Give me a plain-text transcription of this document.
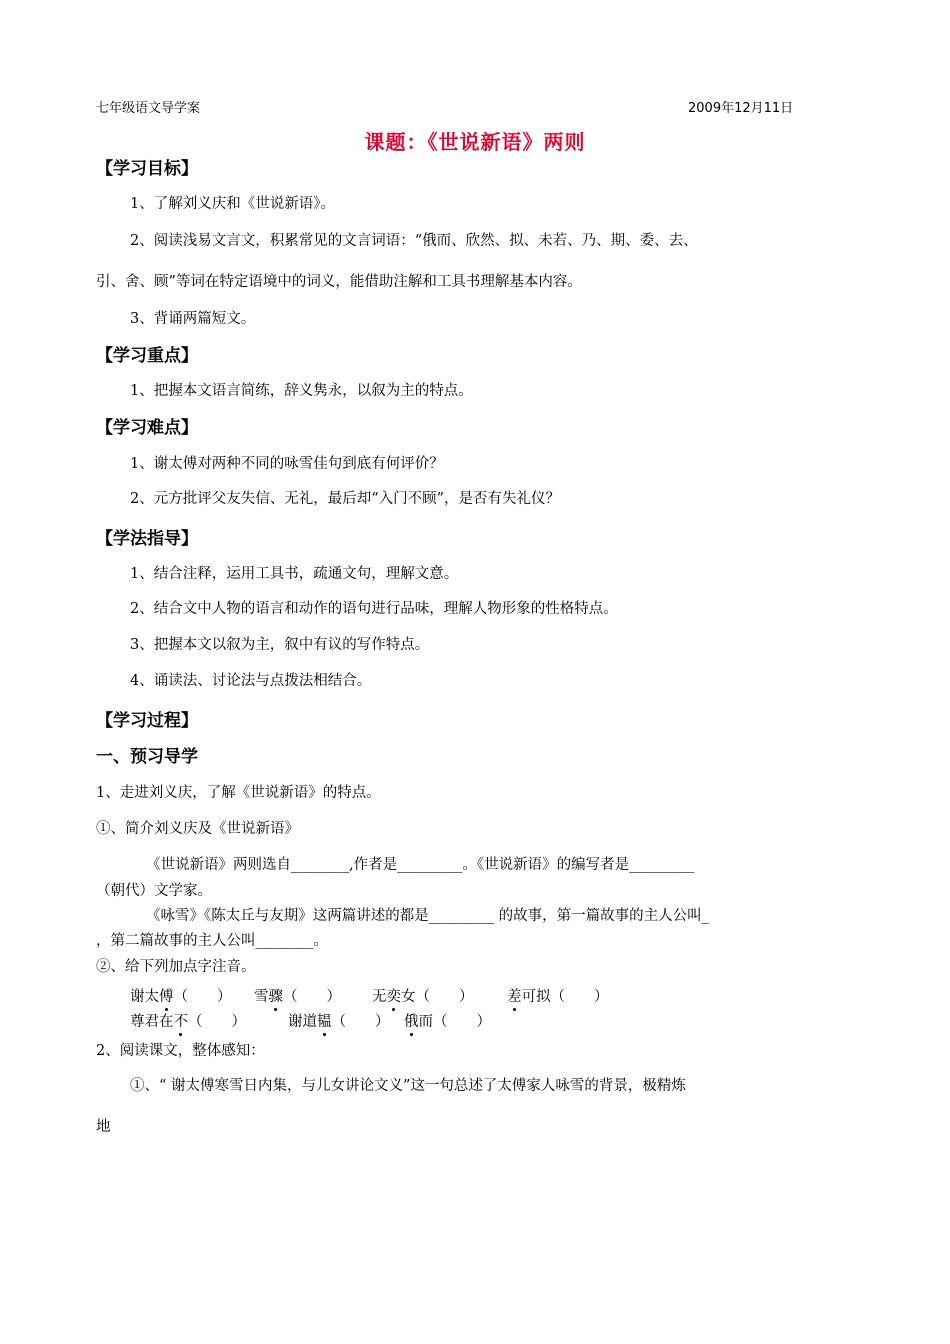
七年级语文导学案	2009年12月11日
课题：《世说新语》两则
【学习目标】
1、了解刘义庆和《世说新语》。
2、阅读浅易文言文，积累常见的文言词语：“俄而、欣然、拟、未若、乃、期、委、去、
引、舍、顾”等词在特定语境中的词义，能借助注解和工具书理解基本内容。
3、背诵两篇短文。
【学习重点】
1、把握本文语言简练，辞义隽永，以叙为主的特点。
【学习难点】
1、谢太傅对两种不同的咏雪佳句到底有何评价？
2、元方批评父友失信、无礼，最后却“入门不顾”，是否有失礼仪？
【学法指导】
1、结合注释，运用工具书，疏通文句，理解文意。
2、结合文中人物的语言和动作的语句进行品味，理解人物形象的性格特点。
3、把握本文以叙为主，叙中有议的写作特点。
4、诵读法、讨论法与点拨法相结合。
【学习过程】
一、预习导学
1、走进刘义庆，了解《世说新语》的特点。
①、简介刘义庆及《世说新语》
《世说新语》两则选自________,作者是_________。《世说新语》的编写者是_________
（朝代）文学家。
《咏雪》《陈太丘与友期》这两篇讲述的都是_________ 的故事，第一篇故事的主人公叫_
，第二篇故事的主人公叫________。
②、给下列加点字注音。
谢太傅（　　） 雪骤（　　） 无奕女（　　） 差可拟（　　）
尊君在不（　　）	谢道韫（　　） 俄而（　　）
2、阅读课文，整体感知：
①、“ 谢太傅寒雪日内集，与儿女讲论文义”这一句总述了太傅家人咏雪的背景，极精炼
地
